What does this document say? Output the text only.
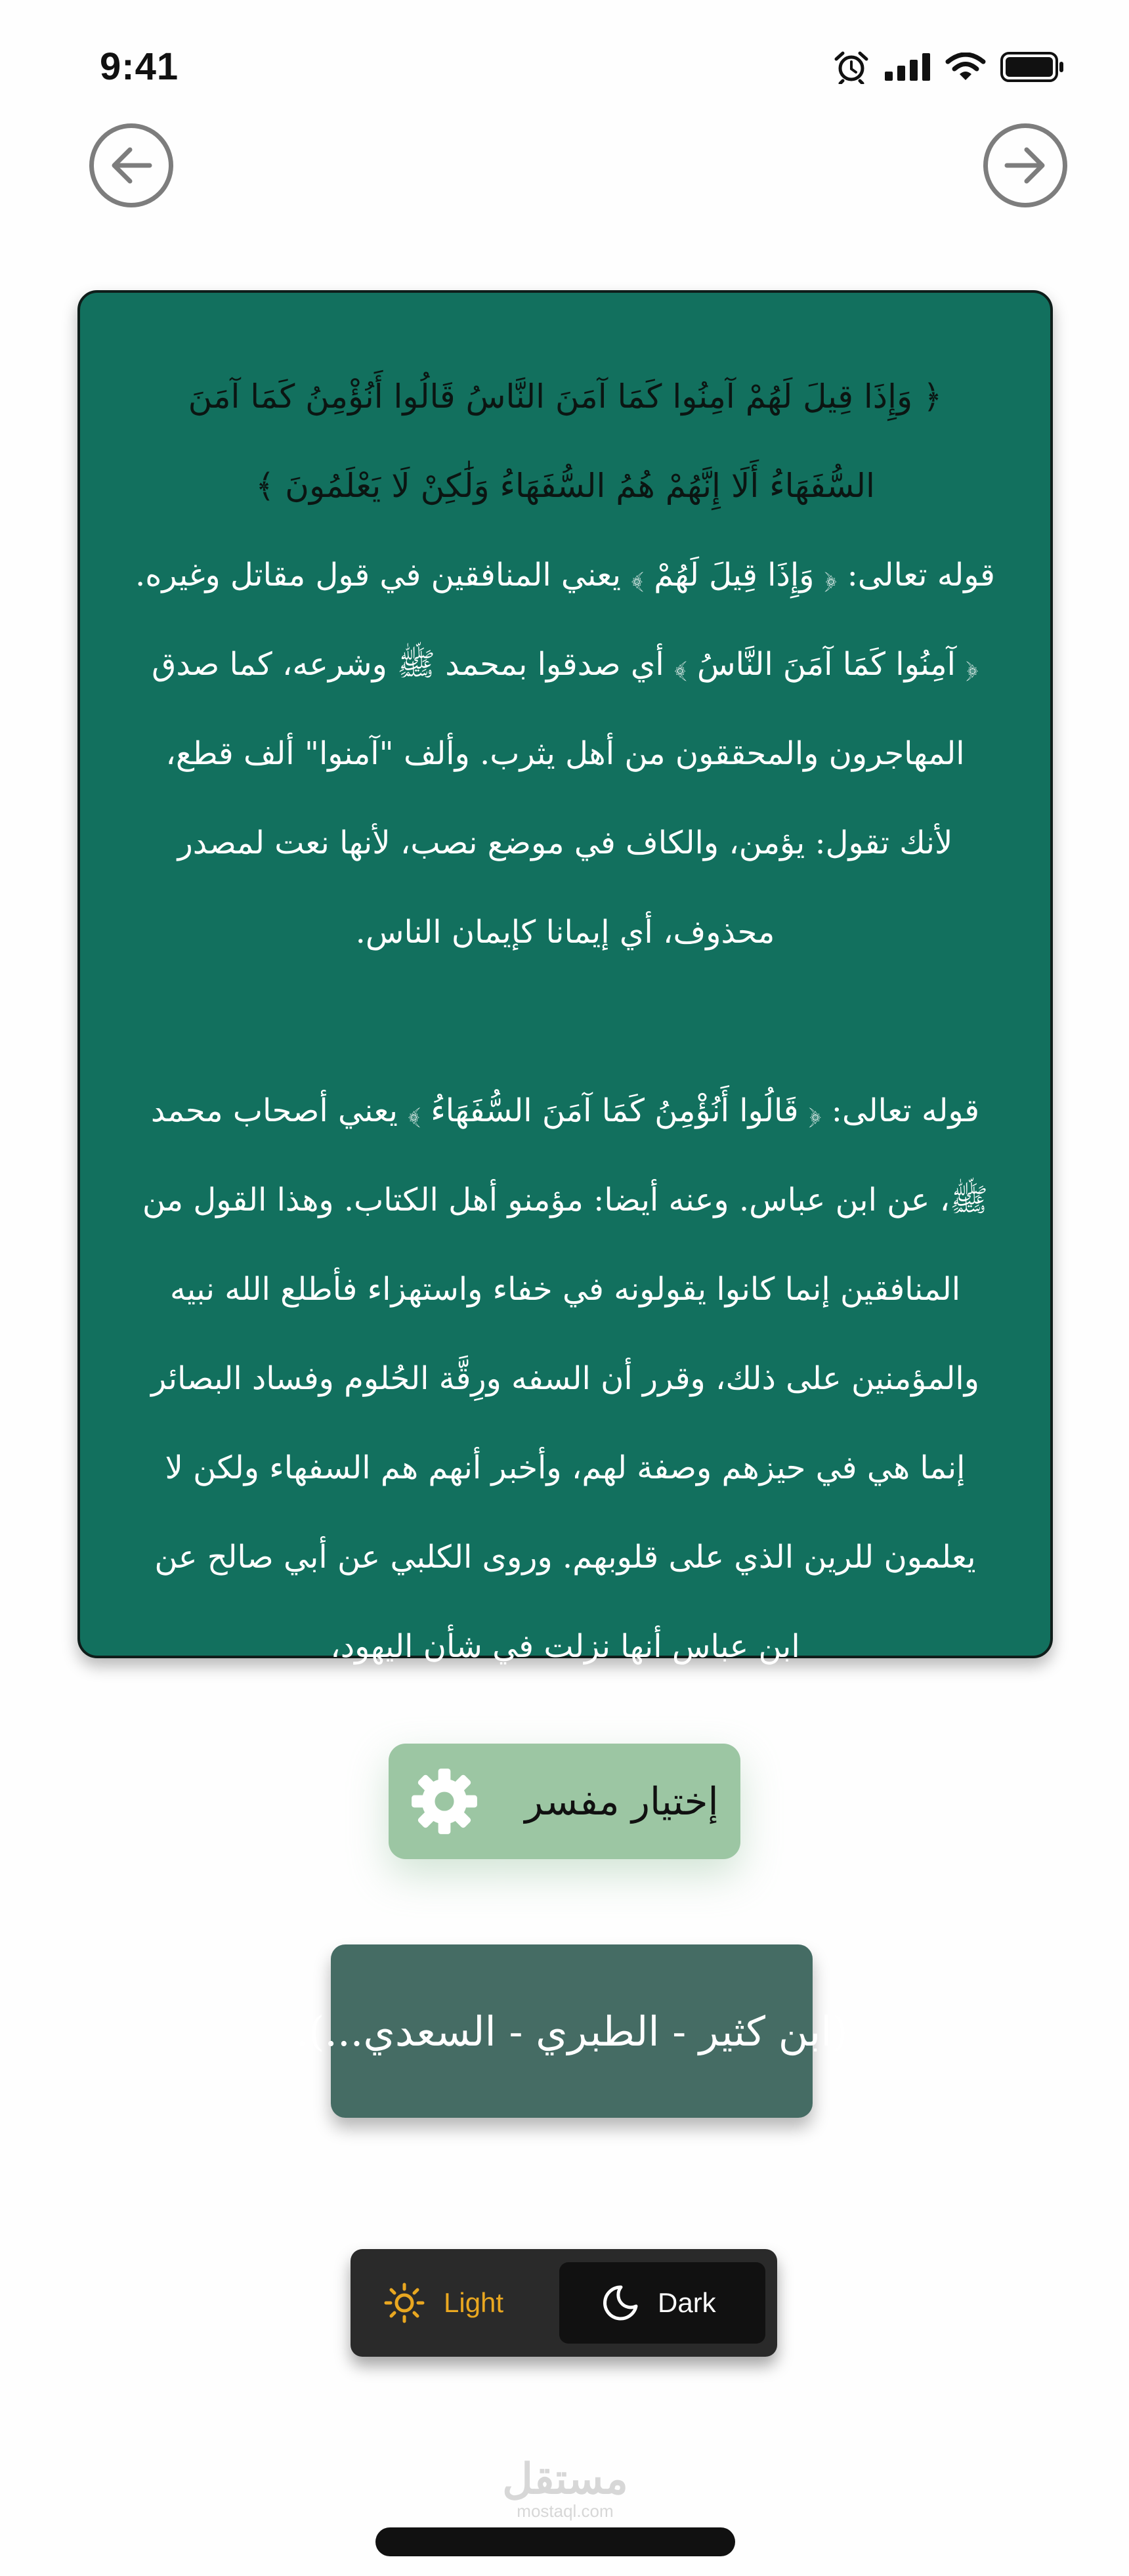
9:41

﴿ وَإِذَا قِيلَ لَهُمْ آمِنُوا كَمَا آمَنَ النَّاسُ قَالُوا أَنُؤْمِنُ كَمَا آمَنَ السُّفَهَاءُ أَلَا إِنَّهُمْ هُمُ السُّفَهَاءُ وَلَٰكِنْ لَا يَعْلَمُونَ ﴾

قوله تعالى: ﴿ وَإِذَا قِيلَ لَهُمْ ﴾ يعني المنافقين في قول مقاتل وغيره. ﴿ آمِنُوا كَمَا آمَنَ النَّاسُ ﴾ أي صدقوا بمحمد ﷺ وشرعه، كما صدق المهاجرون والمحققون من أهل يثرب. وألف "آمنوا" ألف قطع، لأنك تقول: يؤمن، والكاف في موضع نصب، لأنها نعت لمصدر محذوف، أي إيمانا كإيمان الناس.

قوله تعالى: ﴿ قَالُوا أَنُؤْمِنُ كَمَا آمَنَ السُّفَهَاءُ ﴾ يعني أصحاب محمد ﷺ، عن ابن عباس. وعنه أيضا: مؤمنو أهل الكتاب. وهذا القول من المنافقين إنما كانوا يقولونه في خفاء واستهزاء فأطلع الله نبيه والمؤمنين على ذلك، وقرر أن السفه ورِقَّة الحُلوم وفساد البصائر إنما هي في حيزهم وصفة لهم، وأخبر أنهم هم السفهاء ولكن لا يعلمون للرين الذي على قلوبهم. وروى الكلبي عن أبي صالح عن ابن عباس أنها نزلت في شأن اليهود،

إختيار مفسر
(ابن كثير - الطبري - السعدي...).
Light	Dark
مستقل
mostaql.com
